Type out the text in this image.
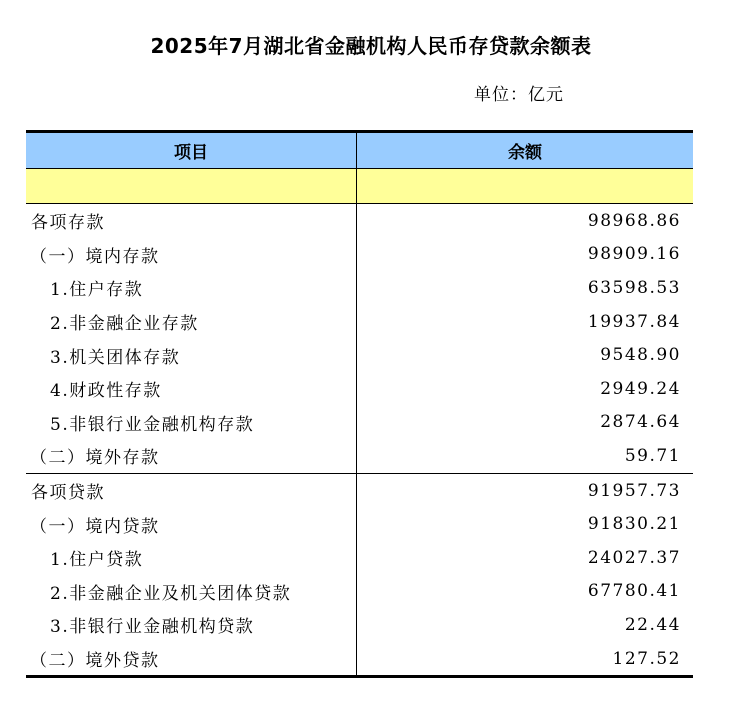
2025年7月湖北省金融机构人民币存贷款余额表
单位：亿元
项目	余额
各项存款	98968.86
（一）境内存款	98909.16
1.住户存款	63598.53
2.非金融企业存款	19937.84
3.机关团体存款	9548.90
4.财政性存款	2949.24
5.非银行业金融机构存款	2874.64
（二）境外存款	59.71
各项贷款	91957.73
（一）境内贷款	91830.21
1.住户贷款	24027.37
2.非金融企业及机关团体贷款	67780.41
3.非银行业金融机构贷款	22.44
（二）境外贷款	127.52
